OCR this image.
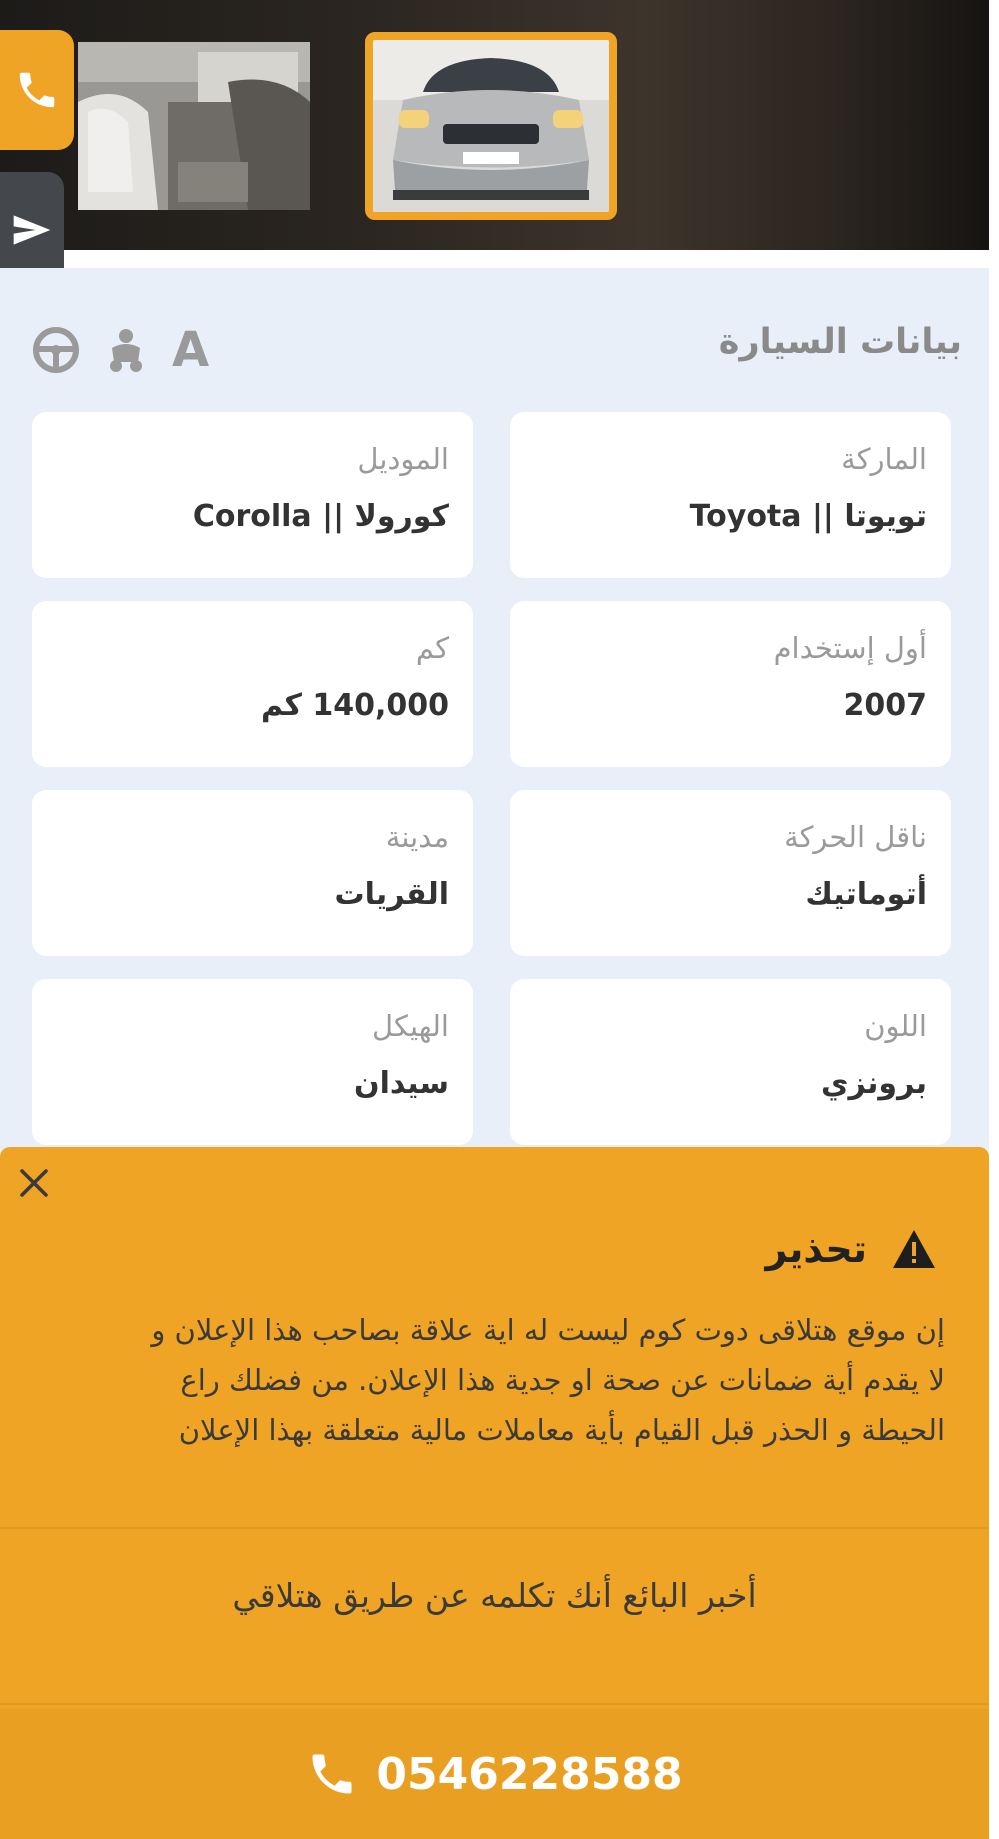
بيانات السيارة
A
الموديل
كورولا || Corolla
الماركة
تويوتا || Toyota
كم
140,000 كم
أول إستخدام
2007
مدينة
القريات
ناقل الحركة
أتوماتيك
الهيكل
سيدان
اللون
برونزي
تحذير
إن موقع هتلاقى دوت كوم ليست له اية علاقة بصاحب هذا الإعلان و
لا يقدم أية ضمانات عن صحة او جدية هذا الإعلان. من فضلك راع
الحيطة و الحذر قبل القيام بأية معاملات مالية متعلقة بهذا الإعلان
أخبر البائع أنك تكلمه عن طريق هتلاقي
0546228588
